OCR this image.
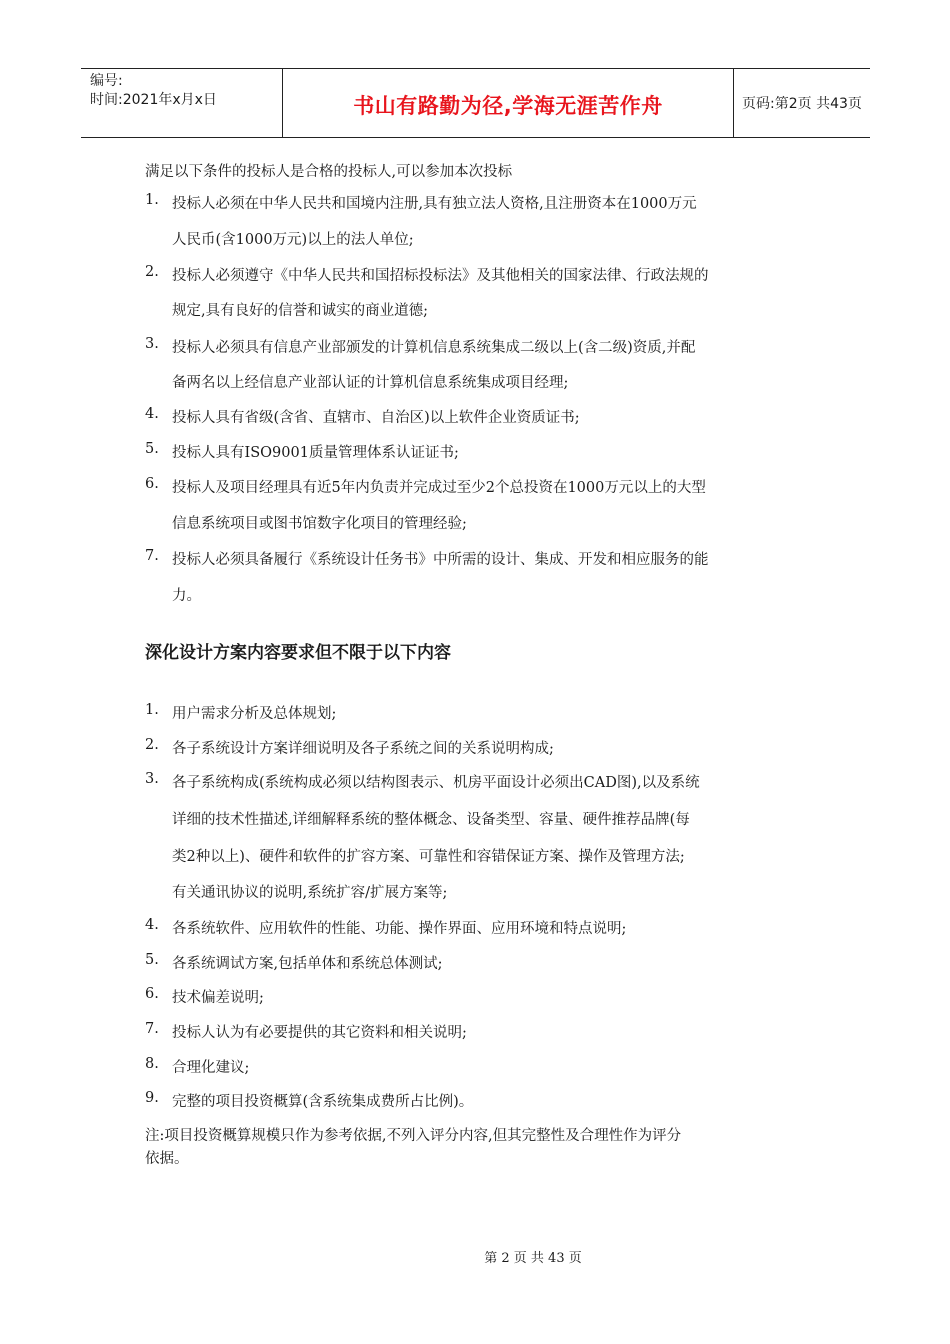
编号:
时间:2021年x月x日	书山有路勤为径,学海无涯苦作舟	页码:第2页 共43页
满足以下条件的投标人是合格的投标人,可以参加本次投标
1. 投标人必须在中华人民共和国境内注册,具有独立法人资格,且注册资本在1000万元
人民币(含1000万元)以上的法人单位;
2. 投标人必须遵守《中华人民共和国招标投标法》及其他相关的国家法律、行政法规的
规定,具有良好的信誉和诚实的商业道德;
3. 投标人必须具有信息产业部颁发的计算机信息系统集成二级以上(含二级)资质,并配
备两名以上经信息产业部认证的计算机信息系统集成项目经理;
4. 投标人具有省级(含省、直辖市、自治区)以上软件企业资质证书;
5. 投标人具有ISO9001质量管理体系认证证书;
6. 投标人及项目经理具有近5年内负责并完成过至少2个总投资在1000万元以上的大型
信息系统项目或图书馆数字化项目的管理经验;
7. 投标人必须具备履行《系统设计任务书》中所需的设计、集成、开发和相应服务的能
力。
深化设计方案内容要求但不限于以下内容
1. 用户需求分析及总体规划;
2. 各子系统设计方案详细说明及各子系统之间的关系说明构成;
3. 各子系统构成(系统构成必须以结构图表示、机房平面设计必须出CAD图),以及系统
详细的技术性描述,详细解释系统的整体概念、设备类型、容量、硬件推荐品牌(每
类2种以上)、硬件和软件的扩容方案、可靠性和容错保证方案、操作及管理方法;
有关通讯协议的说明,系统扩容/扩展方案等;
4. 各系统软件、应用软件的性能、功能、操作界面、应用环境和特点说明;
5. 各系统调试方案,包括单体和系统总体测试;
6. 技术偏差说明;
7. 投标人认为有必要提供的其它资料和相关说明;
8. 合理化建议;
9. 完整的项目投资概算(含系统集成费所占比例)。
注:项目投资概算规模只作为参考依据,不列入评分内容,但其完整性及合理性作为评分
依据。
第 2 页 共 43 页
